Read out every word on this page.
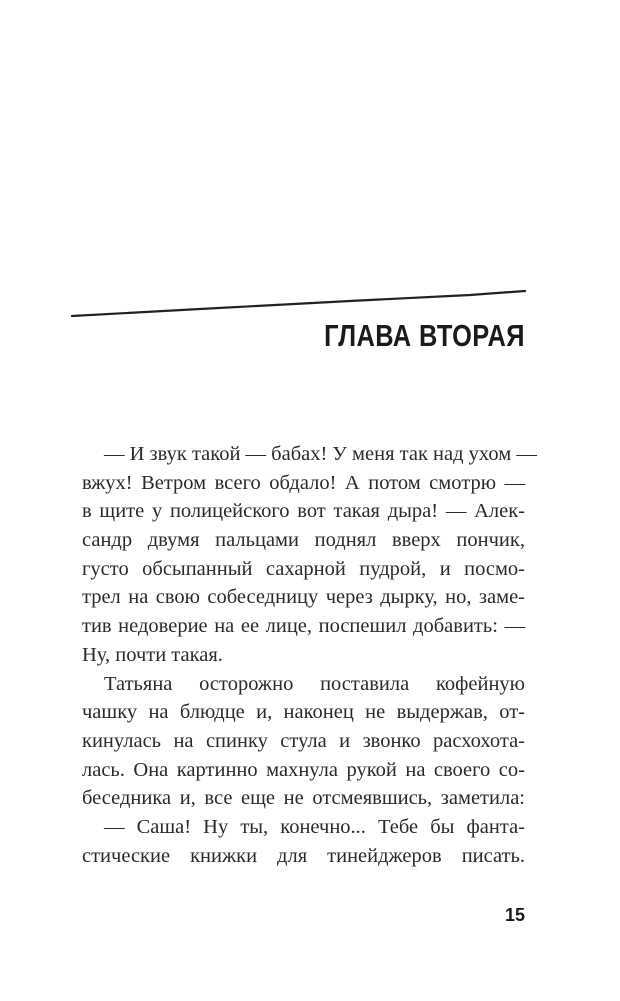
ГЛАВА ВТОРАЯ
— И звук такой — бабах! У меня так над ухом —
вжух! Ветром всего обдало! А потом смотрю —
в щите у полицейского вот такая дыра! — Алек-
сандр двумя пальцами поднял вверх пончик,
густо обсыпанный сахарной пудрой, и посмо-
трел на свою собеседницу через дырку, но, заме-
тив недоверие на ее лице, поспешил добавить: —
Ну, почти такая.
Татьяна осторожно поставила кофейную
чашку на блюдце и, наконец не выдержав, от-
кинулась на спинку стула и звонко расхохота-
лась. Она картинно махнула рукой на своего со-
беседника и, все еще не отсмеявшись, заметила:
— Саша! Ну ты, конечно... Тебе бы фанта-
стические книжки для тинейджеров писать.
15
